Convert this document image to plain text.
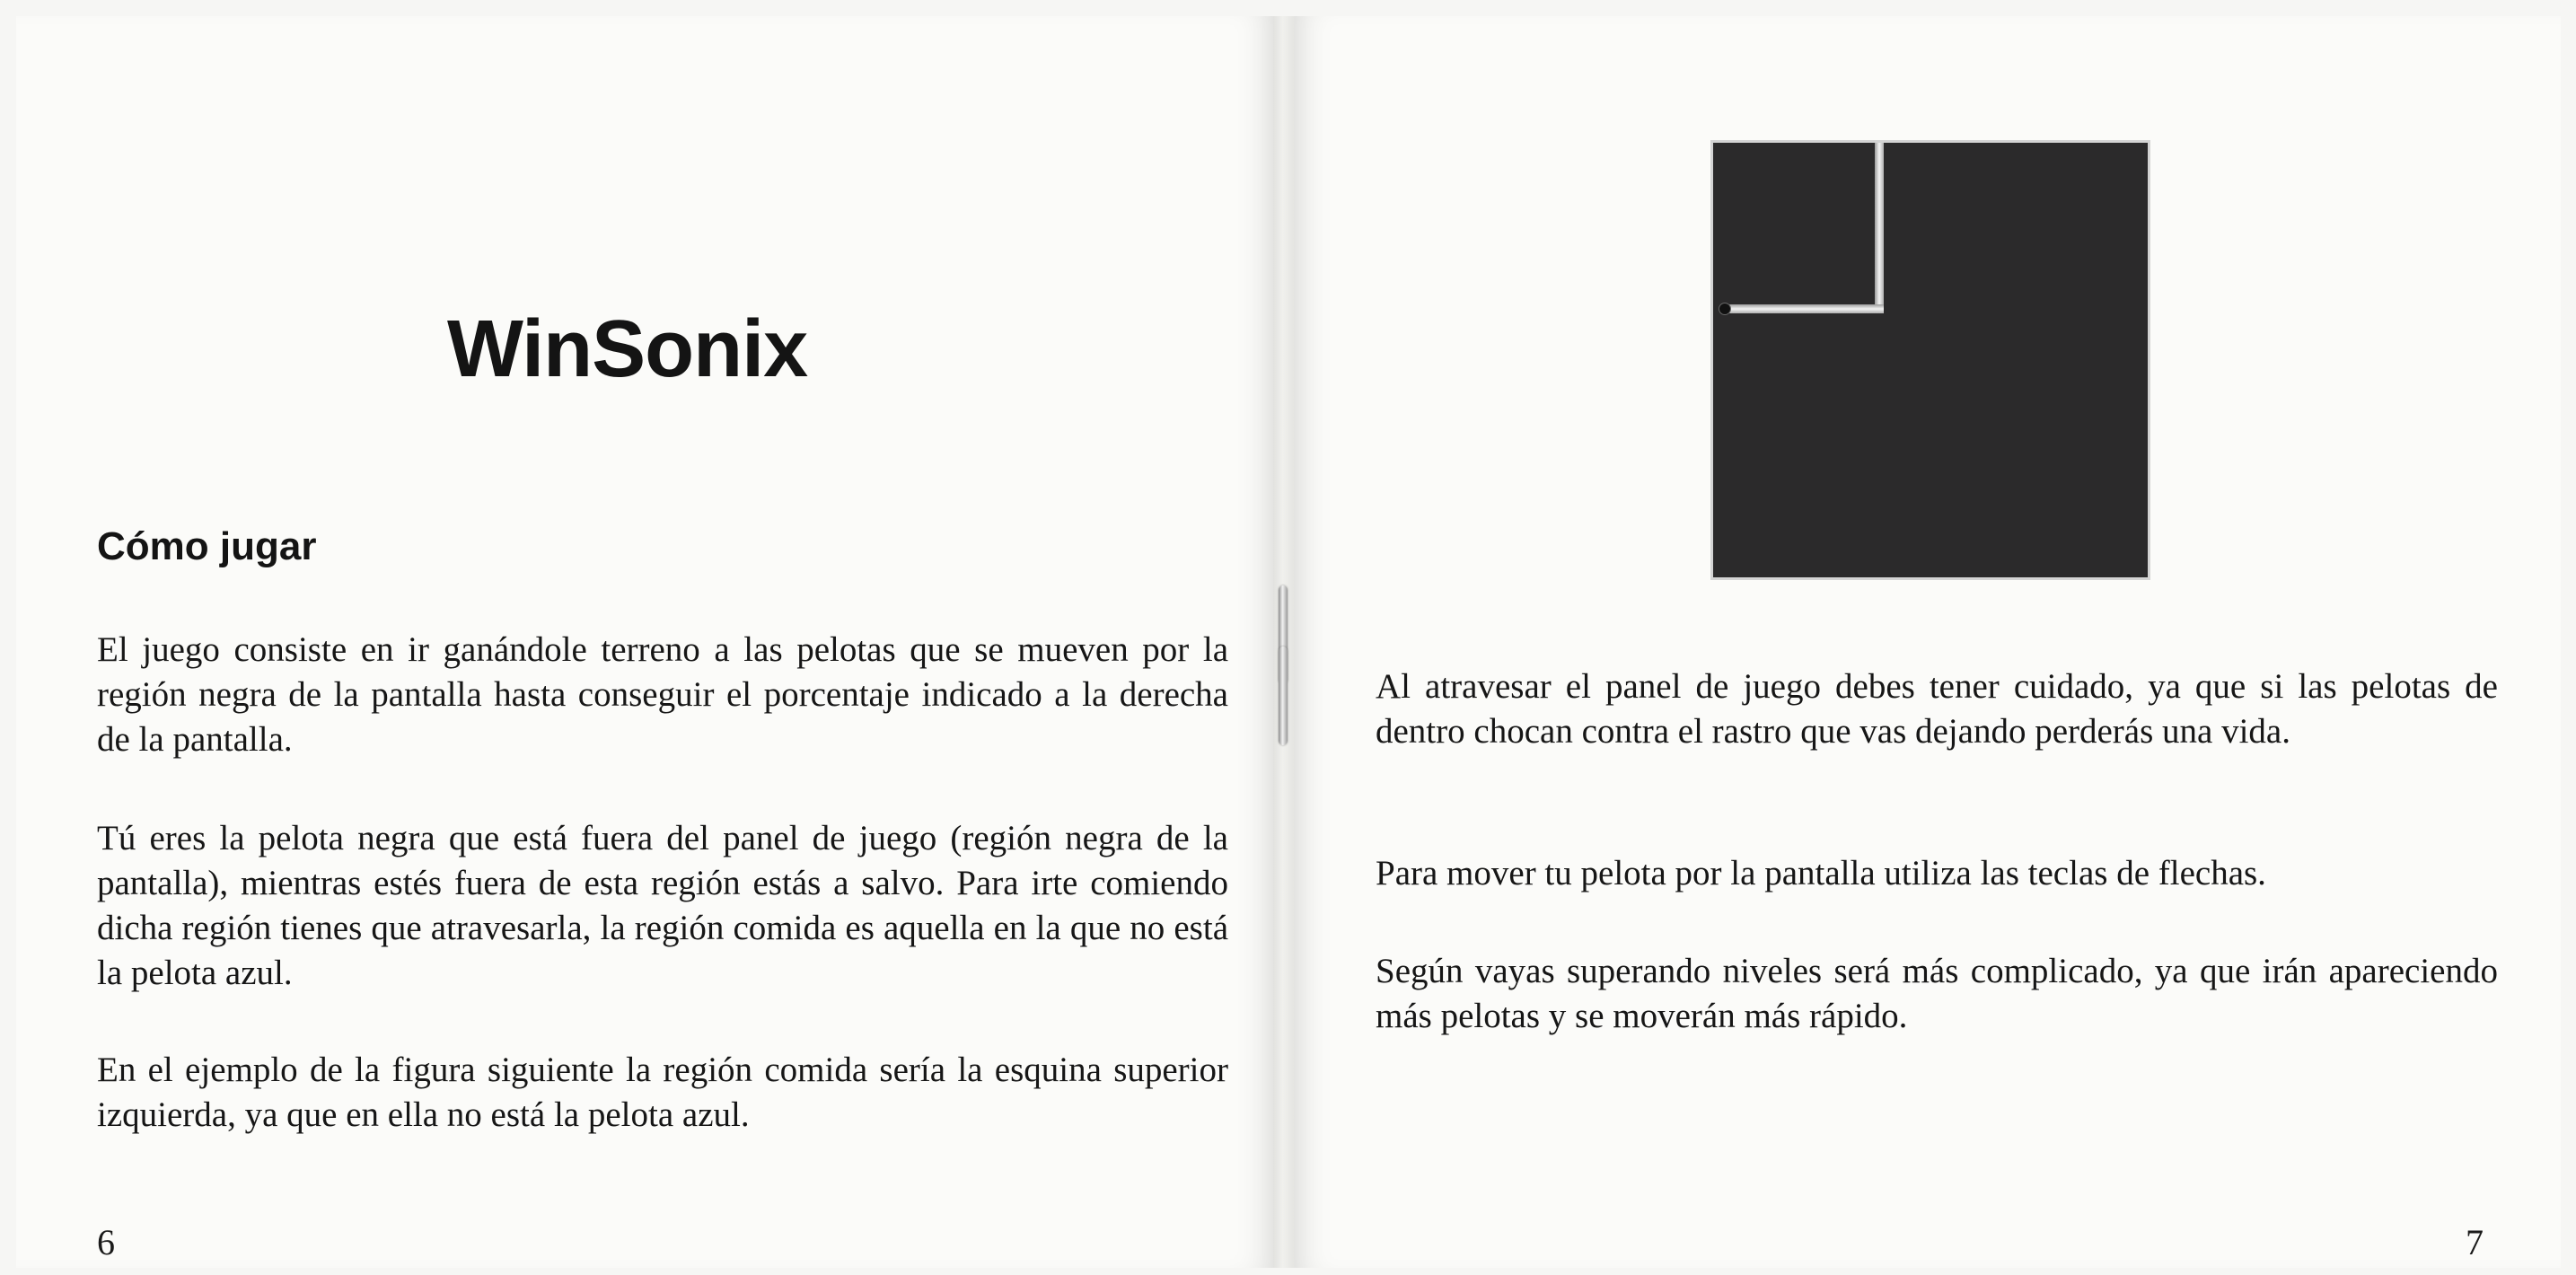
WinSonix
Cómo jugar

El juego consiste en ir ganándole terreno a las pelotas que se mueven por la región negra de la pantalla hasta conseguir el porcentaje indicado a la derecha de la pantalla.

Tú eres la pelota negra que está fuera del panel de juego (región negra de la pantalla), mientras estés fuera de esta región estás a salvo. Para irte comiendo dicha región tienes que atravesarla, la región comida es aquella en la que no está la pelota azul.

En el ejemplo de la figura siguiente la región comida sería la esquina superior izquierda, ya que en ella no está la pelota azul.

6

Al atravesar el panel de juego debes tener cuidado, ya que si las pelotas de dentro chocan contra el rastro que vas dejando perderás una vida.

Para mover tu pelota por la pantalla utiliza las teclas de flechas.

Según vayas superando niveles será más complicado, ya que irán apareciendo más pelotas y se moverán más rápido.

7
